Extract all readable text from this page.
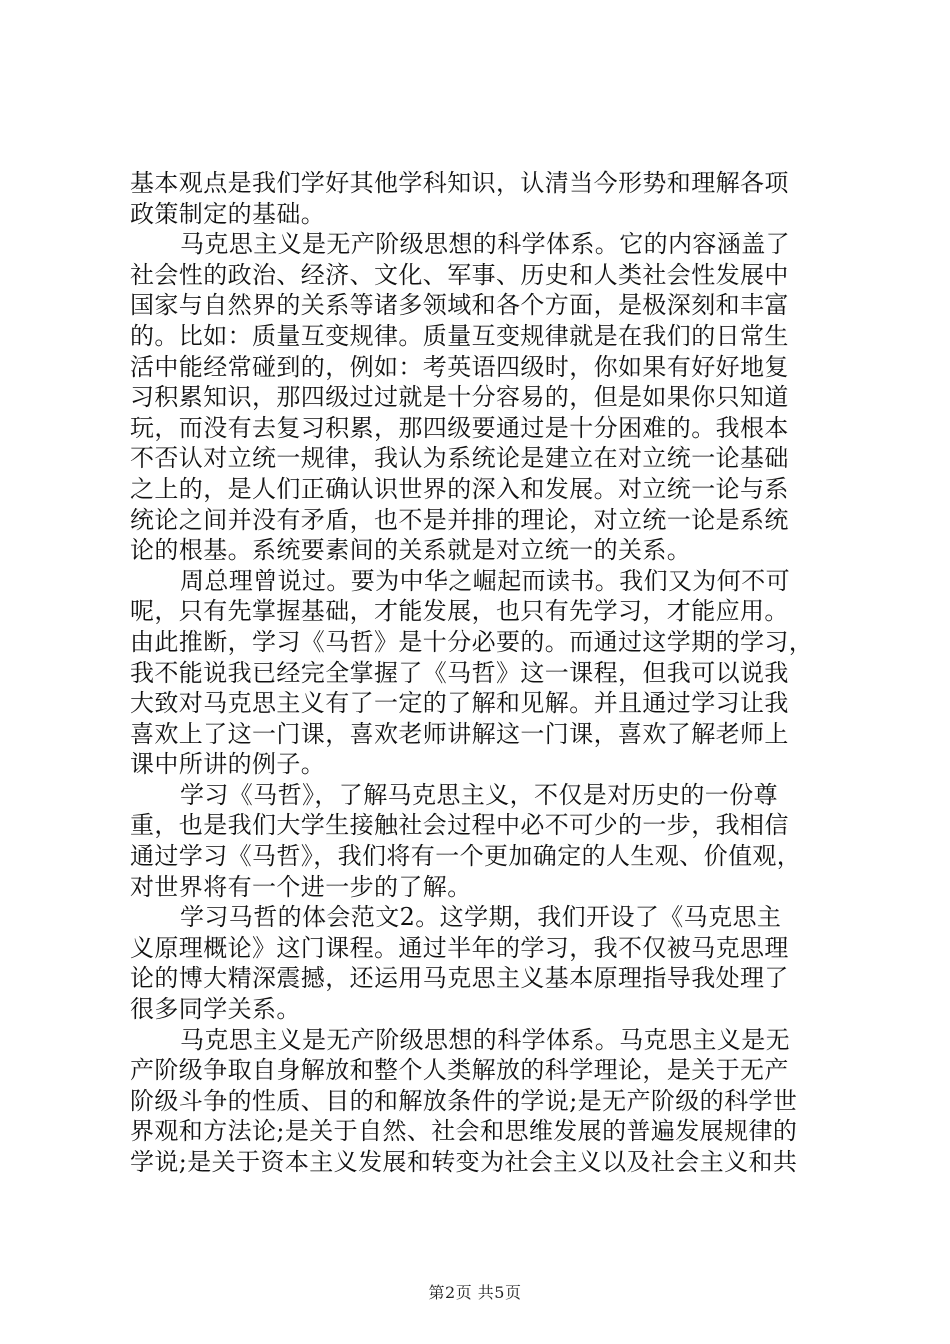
基本观点是我们学好其他学科知识，认清当今形势和理解各项
政策制定的基础。
马克思主义是无产阶级思想的科学体系。它的内容涵盖了
社会性的政治、经济、文化、军事、历史和人类社会性发展中
国家与自然界的关系等诸多领域和各个方面，是极深刻和丰富
的。比如：质量互变规律。质量互变规律就是在我们的日常生
活中能经常碰到的，例如：考英语四级时，你如果有好好地复
习积累知识，那四级过过就是十分容易的，但是如果你只知道
玩，而没有去复习积累，那四级要通过是十分困难的。我根本
不否认对立统一规律，我认为系统论是建立在对立统一论基础
之上的，是人们正确认识世界的深入和发展。对立统一论与系
统论之间并没有矛盾，也不是并排的理论，对立统一论是系统
论的根基。系统要素间的关系就是对立统一的关系。
周总理曾说过。要为中华之崛起而读书。我们又为何不可
呢，只有先掌握基础，才能发展，也只有先学习，才能应用。
由此推断，学习《马哲》是十分必要的。而通过这学期的学习，
我不能说我已经完全掌握了《马哲》这一课程，但我可以说我
大致对马克思主义有了一定的了解和见解。并且通过学习让我
喜欢上了这一门课，喜欢老师讲解这一门课，喜欢了解老师上
课中所讲的例子。
学习《马哲》，了解马克思主义，不仅是对历史的一份尊
重，也是我们大学生接触社会过程中必不可少的一步，我相信
通过学习《马哲》，我们将有一个更加确定的人生观、价值观，
对世界将有一个进一步的了解。
学习马哲的体会范文2。这学期，我们开设了《马克思主
义原理概论》这门课程。通过半年的学习，我不仅被马克思理
论的博大精深震撼，还运用马克思主义基本原理指导我处理了
很多同学关系。
马克思主义是无产阶级思想的科学体系。马克思主义是无
产阶级争取自身解放和整个人类解放的科学理论，是关于无产
阶级斗争的性质、目的和解放条件的学说;是无产阶级的科学世
界观和方法论;是关于自然、社会和思维发展的普遍发展规律的
学说;是关于资本主义发展和转变为社会主义以及社会主义和共
第2页 共5页
